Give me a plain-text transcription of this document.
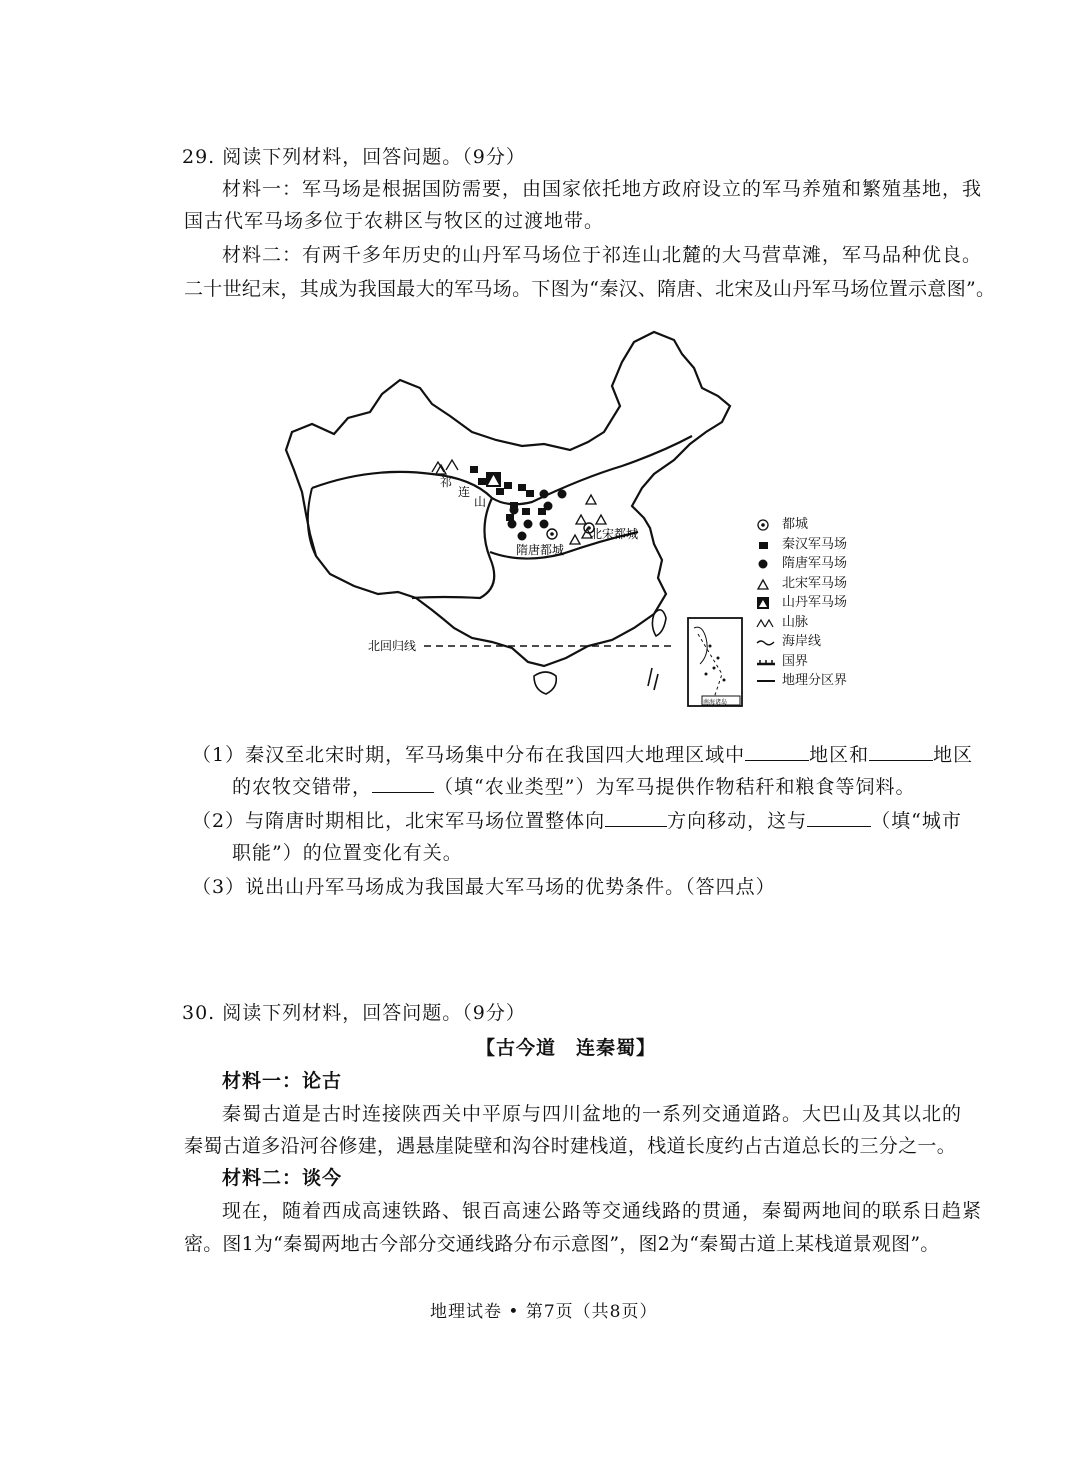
29. 阅读下列材料，回答问题。（9分）
材料一：军马场是根据国防需要，由国家依托地方政府设立的军马养殖和繁殖基地，我
国古代军马场多位于农耕区与牧区的过渡地带。
材料二：有两千多年历史的山丹军马场位于祁连山北麓的大马营草滩，军马品种优良。
二十世纪末，其成为我国最大的军马场。下图为“秦汉、隋唐、北宋及山丹军马场位置示意图”。
祁
连
山
隋唐都城
北宋都城
北回归线
南海诸岛
都城
秦汉军马场
隋唐军马场
北宋军马场
山丹军马场
山脉
海岸线
国界
地理分区界
（1）秦汉至北宋时期，军马场集中分布在我国四大地理区域中	地区和	地区
的农牧交错带，	（填“农业类型”）为军马提供作物秸秆和粮食等饲料。
（2）与隋唐时期相比，北宋军马场位置整体向	方向移动，这与	（填“城市
职能”）的位置变化有关。
（3）说出山丹军马场成为我国最大军马场的优势条件。（答四点）
30. 阅读下列材料，回答问题。（9分）
【古今道　连秦蜀】
材料一：论古
秦蜀古道是古时连接陕西关中平原与四川盆地的一系列交通道路。大巴山及其以北的
秦蜀古道多沿河谷修建，遇悬崖陡壁和沟谷时建栈道，栈道长度约占古道总长的三分之一。
材料二：谈今
现在，随着西成高速铁路、银百高速公路等交通线路的贯通，秦蜀两地间的联系日趋紧
密。图1为“秦蜀两地古今部分交通线路分布示意图”，图2为“秦蜀古道上某栈道景观图”。
地理试卷 • 第7页（共8页）
